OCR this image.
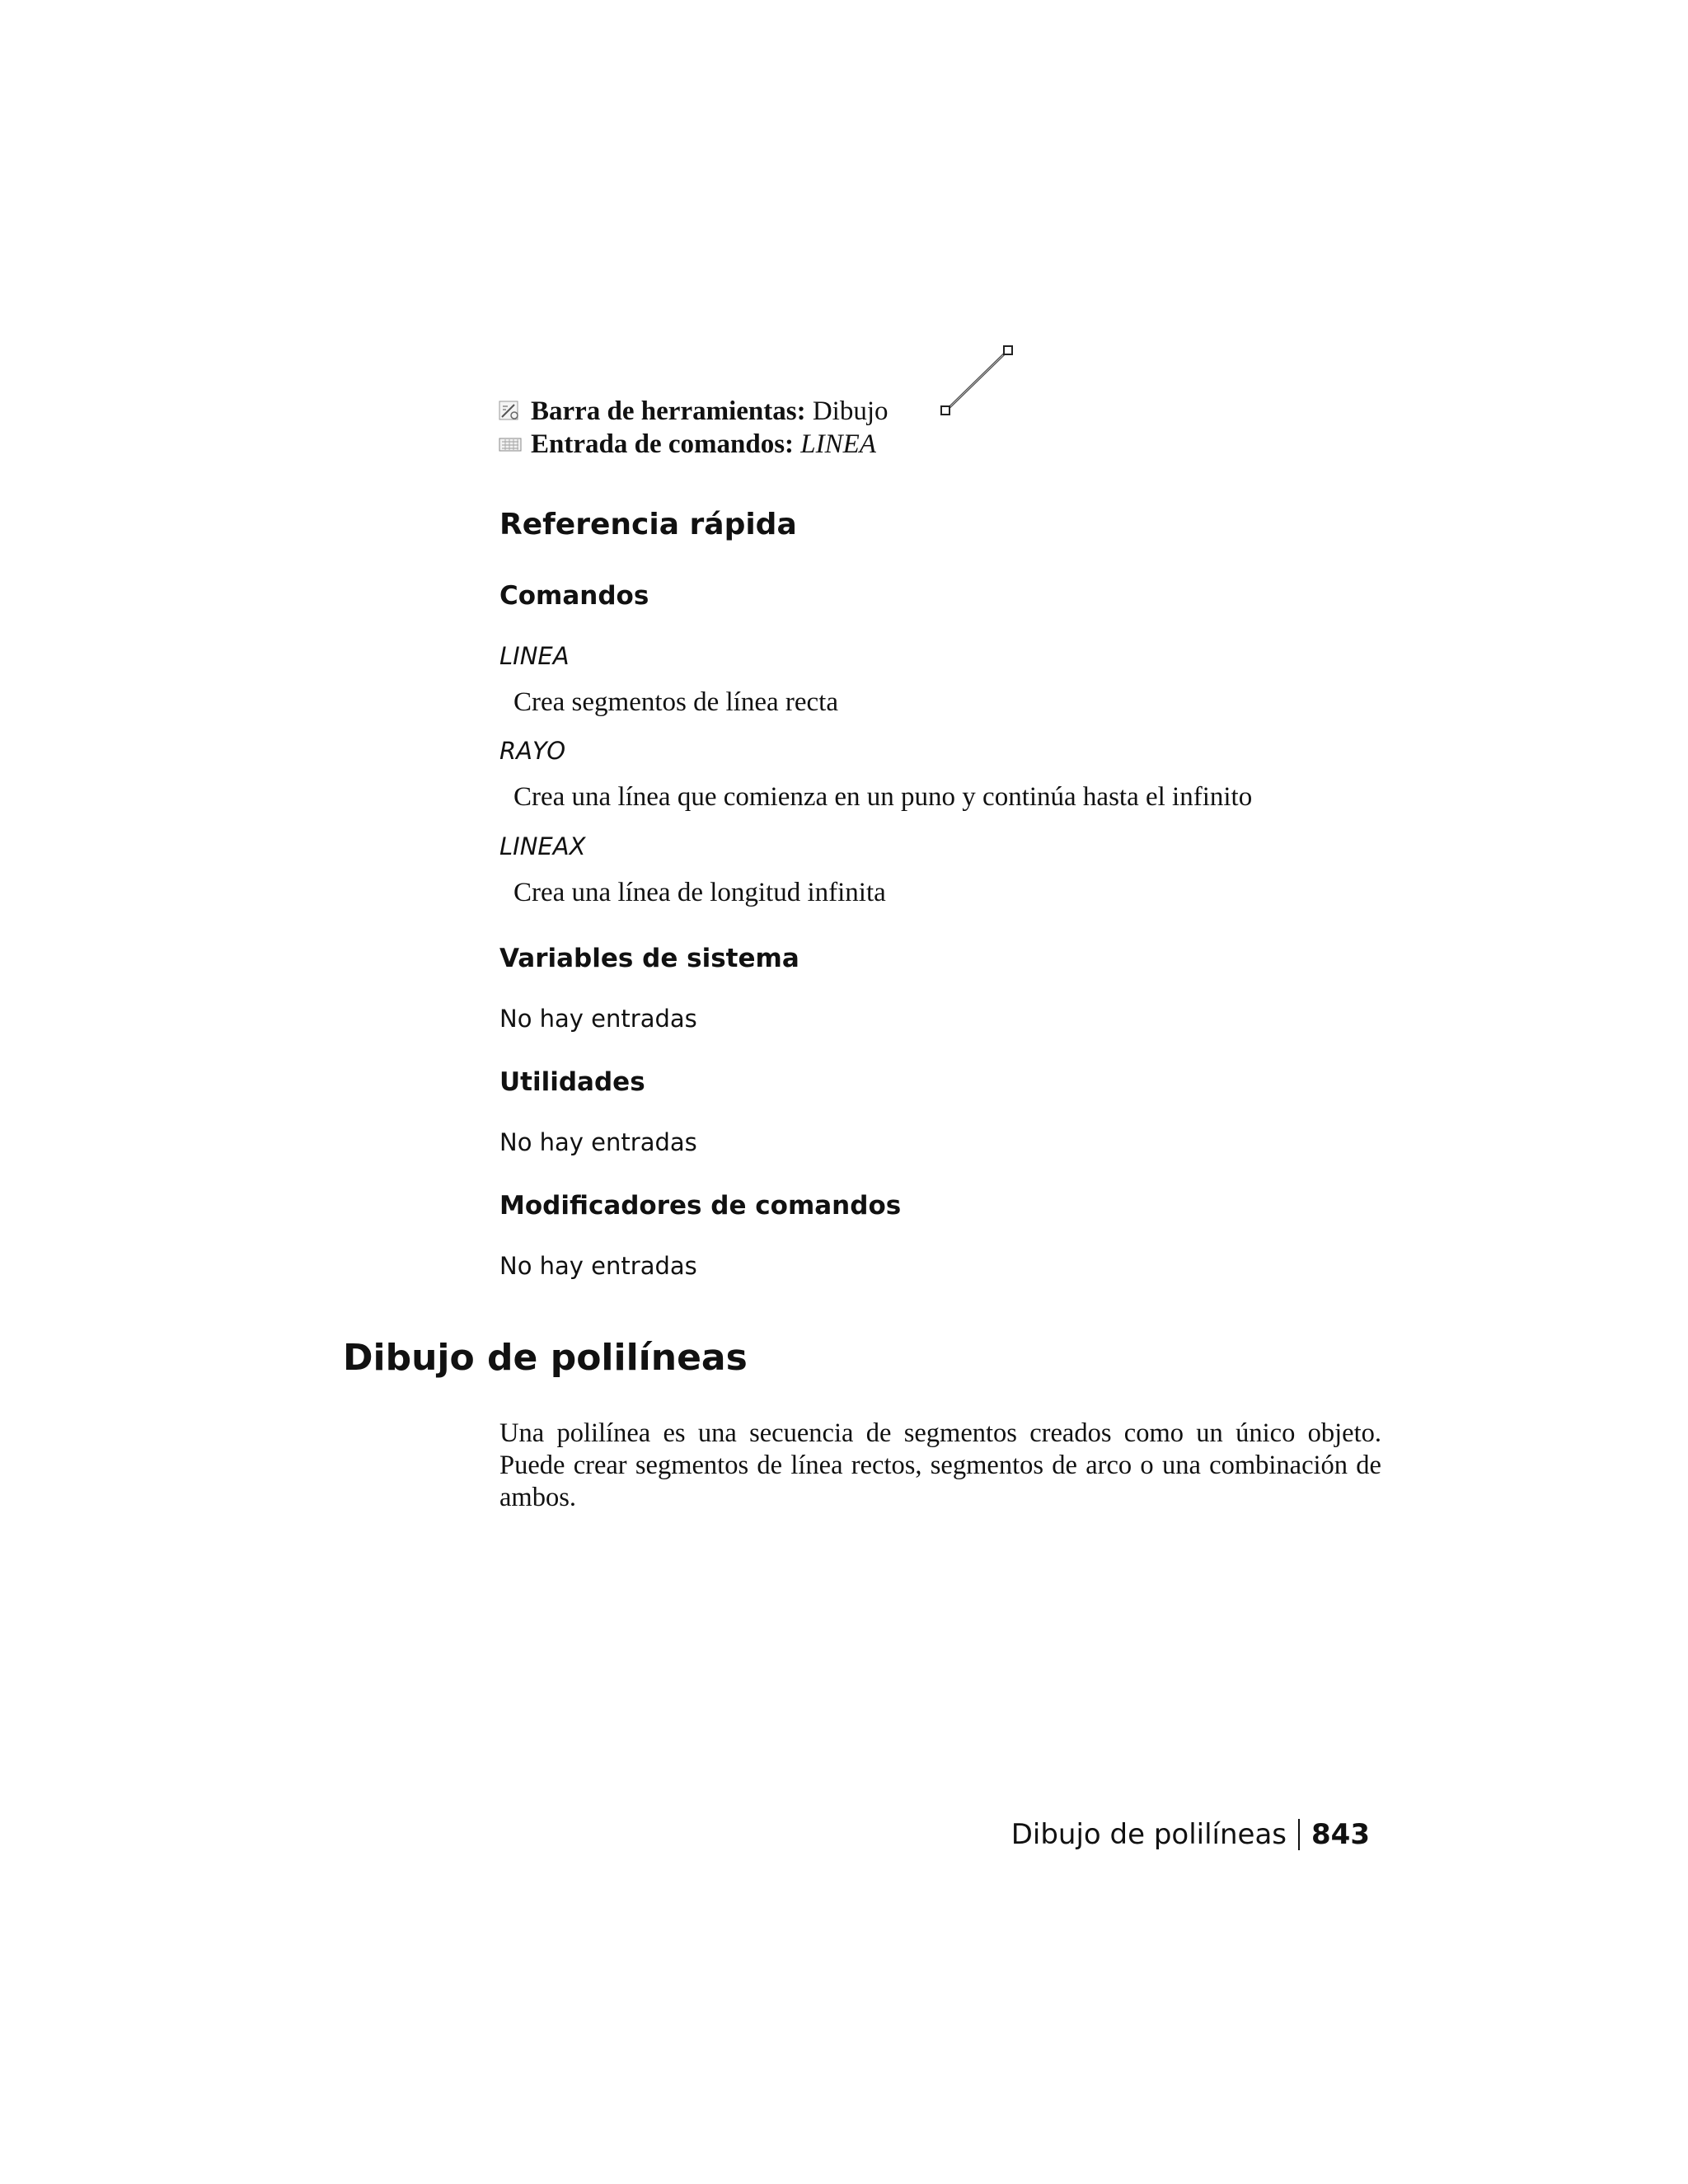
Barra de herramientas:
Dibujo
Entrada de comandos:
LINEA
Referencia rápida
Comandos
LINEA
Crea segmentos de línea recta
RAYO
Crea una línea que comienza en un puno y continúa hasta el infinito
LINEAX
Crea una línea de longitud infinita
Variables de sistema
No hay entradas
Utilidades
No hay entradas
Modificadores de comandos
No hay entradas
Dibujo de polilíneas
Una polilínea es una secuencia de segmentos creados como un único objeto. Puede crear segmentos de línea rectos, segmentos de arco o una combinación de ambos.
Dibujo de polilíneas 843
